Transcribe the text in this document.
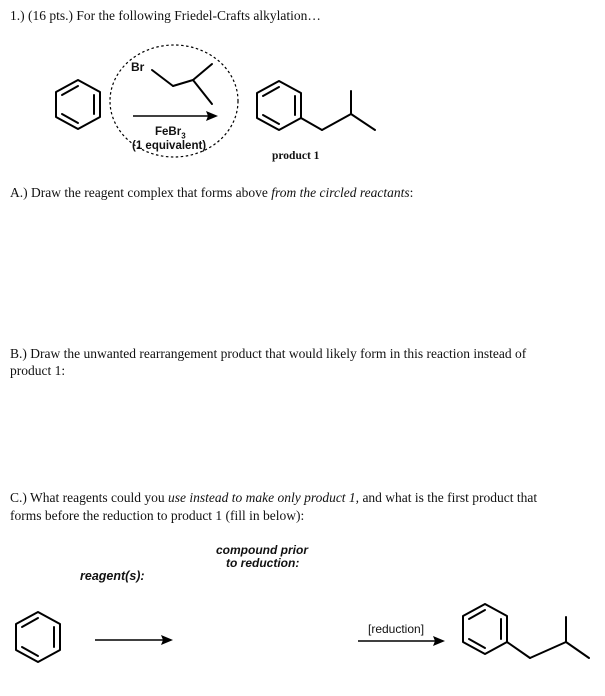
1.) (16 pts.) For the following Friedel-Crafts alkylation…
Br
FeBr$_3$
(1 equivalent)
product 1
A.) Draw the reagent complex that forms above from the circled reactants:
B.) Draw the unwanted rearrangement product that would likely form in this reaction instead of
product 1:
C.) What reagents could you use instead to make only product 1, and what is the first product that
forms before the reduction to product 1 (fill in below):
compound prior
to reduction:
reagent(s):
[reduction]
